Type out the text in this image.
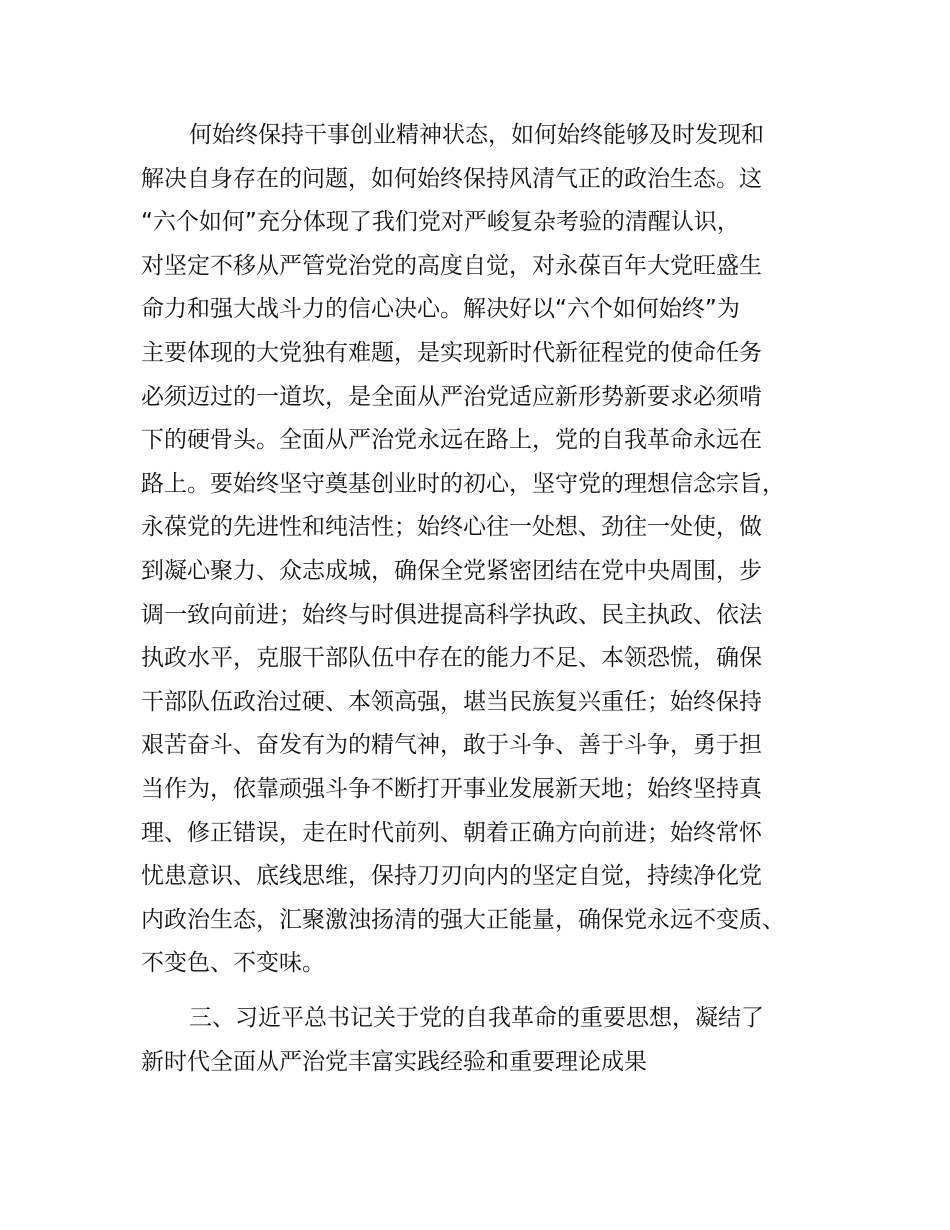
何始终保持干事创业精神状态，如何始终能够及时发现和
解决自身存在的问题，如何始终保持风清气正的政治生态。这
“六个如何”充分体现了我们党对严峻复杂考验的清醒认识，
对坚定不移从严管党治党的高度自觉，对永葆百年大党旺盛生
命力和强大战斗力的信心决心。解决好以“六个如何始终”为
主要体现的大党独有难题，是实现新时代新征程党的使命任务
必须迈过的一道坎，是全面从严治党适应新形势新要求必须啃
下的硬骨头。全面从严治党永远在路上，党的自我革命永远在
路上。要始终坚守奠基创业时的初心，坚守党的理想信念宗旨，
永葆党的先进性和纯洁性；始终心往一处想、劲往一处使，做
到凝心聚力、众志成城，确保全党紧密团结在党中央周围，步
调一致向前进；始终与时俱进提高科学执政、民主执政、依法
执政水平，克服干部队伍中存在的能力不足、本领恐慌，确保
干部队伍政治过硬、本领高强，堪当民族复兴重任；始终保持
艰苦奋斗、奋发有为的精气神，敢于斗争、善于斗争，勇于担
当作为，依靠顽强斗争不断打开事业发展新天地；始终坚持真
理、修正错误，走在时代前列、朝着正确方向前进；始终常怀
忧患意识、底线思维，保持刀刃向内的坚定自觉，持续净化党
内政治生态，汇聚激浊扬清的强大正能量，确保党永远不变质、
不变色、不变味。
三、习近平总书记关于党的自我革命的重要思想，凝结了
新时代全面从严治党丰富实践经验和重要理论成果
